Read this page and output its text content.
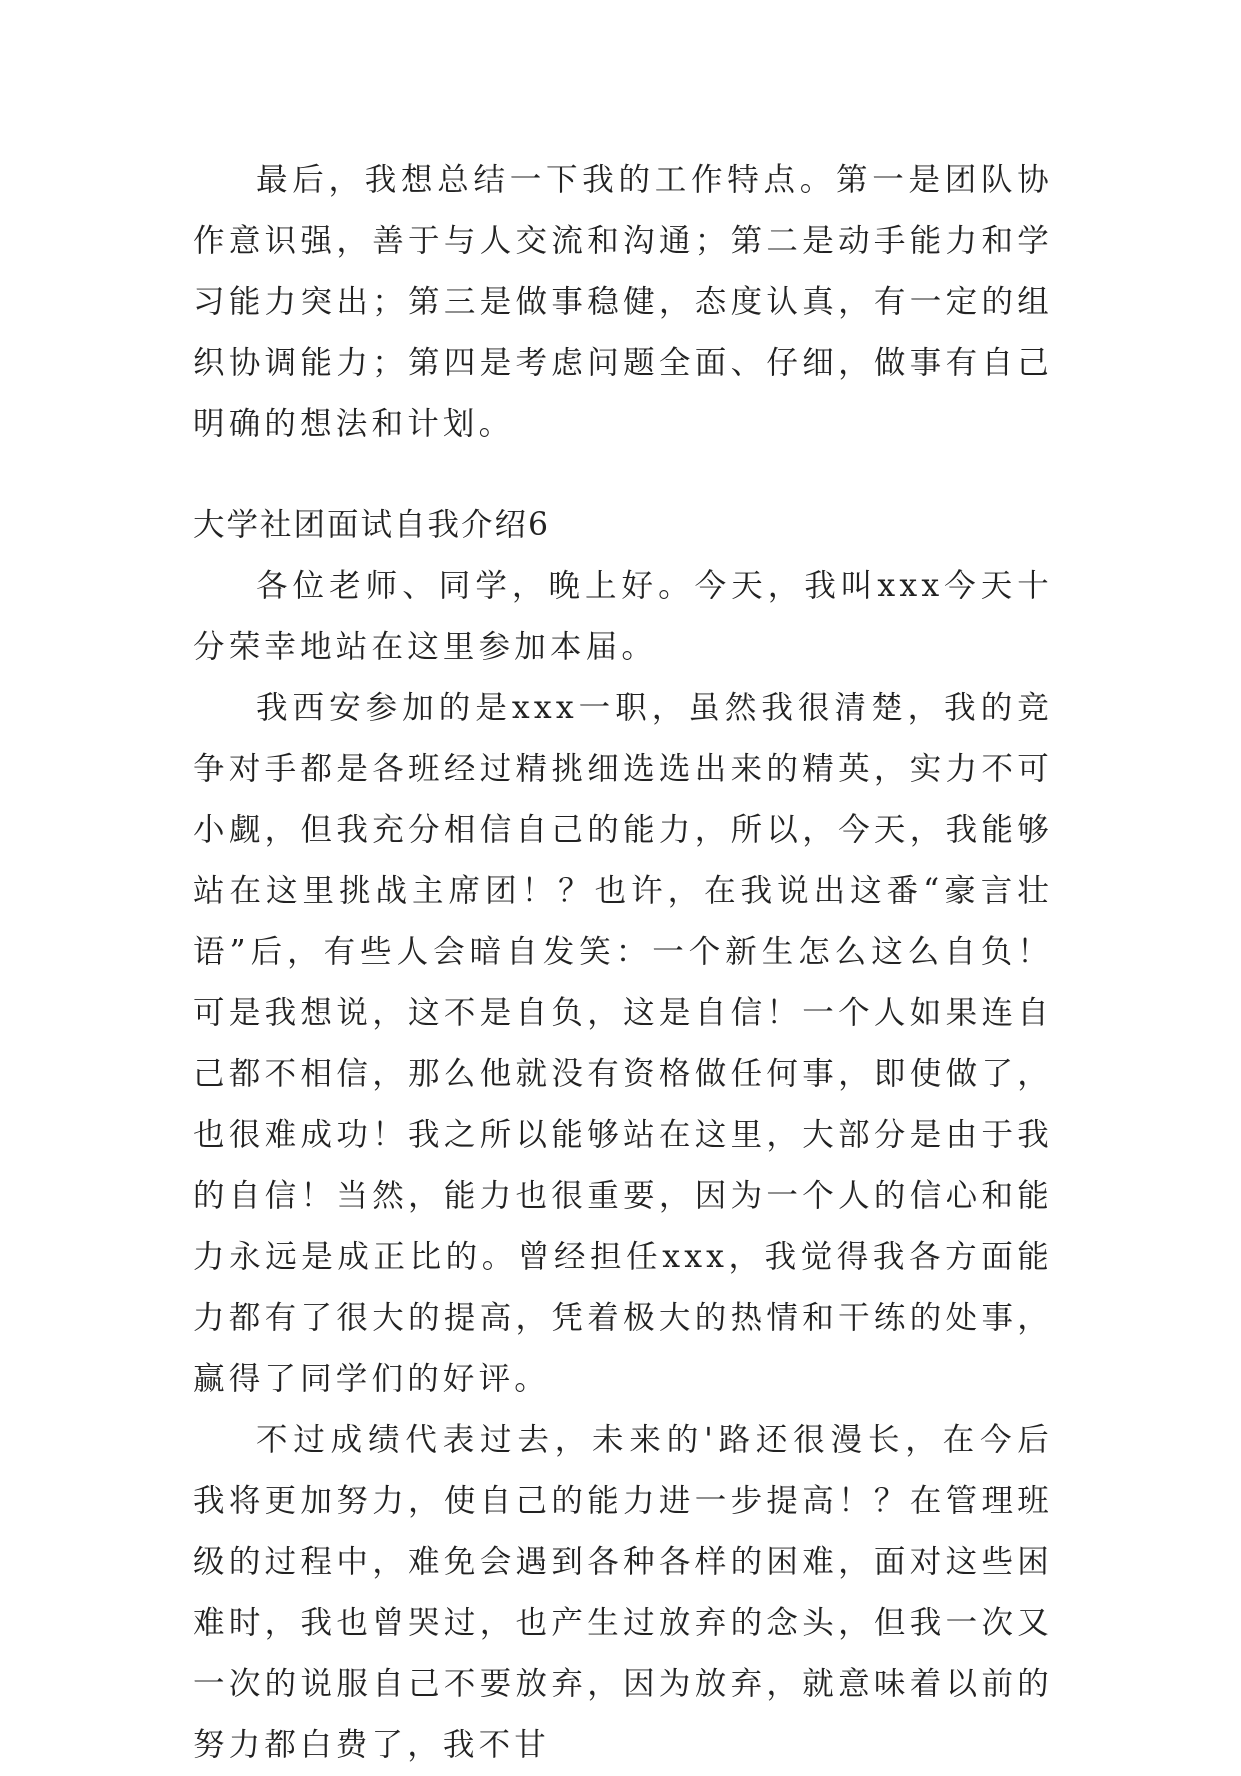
最后，我想总结一下我的工作特点。第一是团队协作意识强，善于与人交流和沟通；第二是动手能力和学习能力突出；第三是做事稳健，态度认真，有一定的组织协调能力；第四是考虑问题全面、仔细，做事有自己明确的想法和计划。

大学社团面试自我介绍6

各位老师、同学，晚上好。今天，我叫xxx今天十分荣幸地站在这里参加本届。

我西安参加的是xxx一职，虽然我很清楚，我的竞争对手都是各班经过精挑细选选出来的精英，实力不可小觑，但我充分相信自己的能力，所以，今天，我能够站在这里挑战主席团！？也许，在我说出这番“豪言壮语”后，有些人会暗自发笑：一个新生怎么这么自负！可是我想说，这不是自负，这是自信！一个人如果连自己都不相信，那么他就没有资格做任何事，即使做了，也很难成功！我之所以能够站在这里，大部分是由于我的自信！当然，能力也很重要，因为一个人的信心和能力永远是成正比的。曾经担任xxx，我觉得我各方面能力都有了很大的提高，凭着极大的热情和干练的处事，赢得了同学们的好评。

不过成绩代表过去，未来的'路还很漫长，在今后我将更加努力，使自己的能力进一步提高！？在管理班级的过程中，难免会遇到各种各样的困难，面对这些困难时，我也曾哭过，也产生过放弃的念头，但我一次又一次的说服自己不要放弃，因为放弃，就意味着以前的努力都白费了，我不甘
